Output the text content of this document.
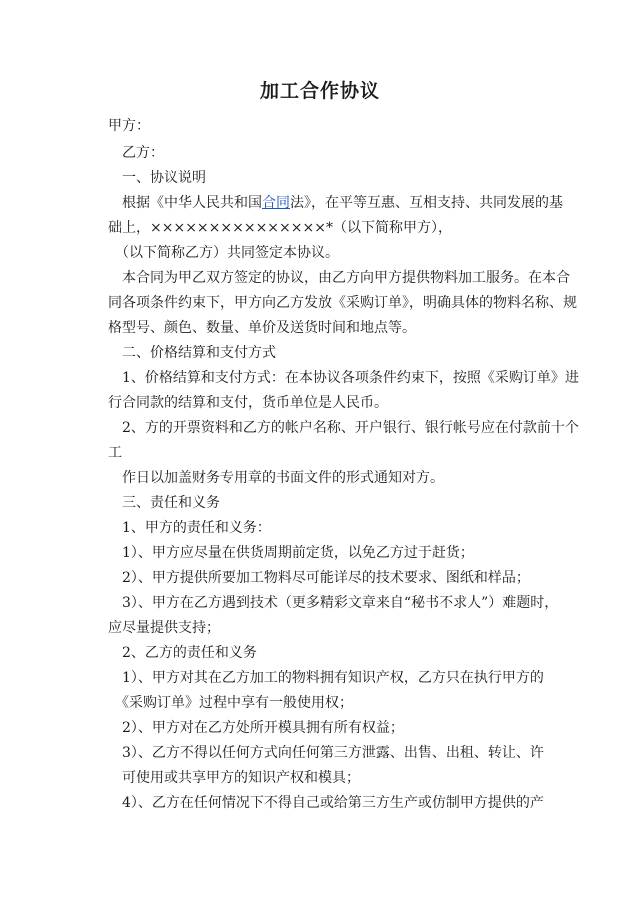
加工合作协议
甲方：
乙方：
一、协议说明
根据《中华人民共和国合同法》，在平等互惠、互相支持、共同发展的基
础上，×××××××××××××××*（以下简称甲方），
（以下简称乙方）共同签定本协议。
本合同为甲乙双方签定的协议，由乙方向甲方提供物料加工服务。在本合
同各项条件约束下，甲方向乙方发放《采购订单》，明确具体的物料名称、规
格型号、颜色、数量、单价及送货时间和地点等。
二、价格结算和支付方式
1、价格结算和支付方式：在本协议各项条件约束下，按照《采购订单》进
行合同款的结算和支付，货币单位是人民币。
2、方的开票资料和乙方的帐户名称、开户银行、银行帐号应在付款前十个
工
作日以加盖财务专用章的书面文件的形式通知对方。
三、责任和义务
1、甲方的责任和义务：
1）、甲方应尽量在供货周期前定货，以免乙方过于赶货；
2）、甲方提供所要加工物料尽可能详尽的技术要求、图纸和样品；
3）、甲方在乙方遇到技术（更多精彩文章来自“秘书不求人”）难题时，
应尽量提供支持；
2、乙方的责任和义务
1）、甲方对其在乙方加工的物料拥有知识产权，乙方只在执行甲方的
《采购订单》过程中享有一般使用权；
2）、甲方对在乙方处所开模具拥有所有权益；
3）、乙方不得以任何方式向任何第三方泄露、出售、出租、转让、许
可使用或共享甲方的知识产权和模具；
4）、乙方在任何情况下不得自己或给第三方生产或仿制甲方提供的产
